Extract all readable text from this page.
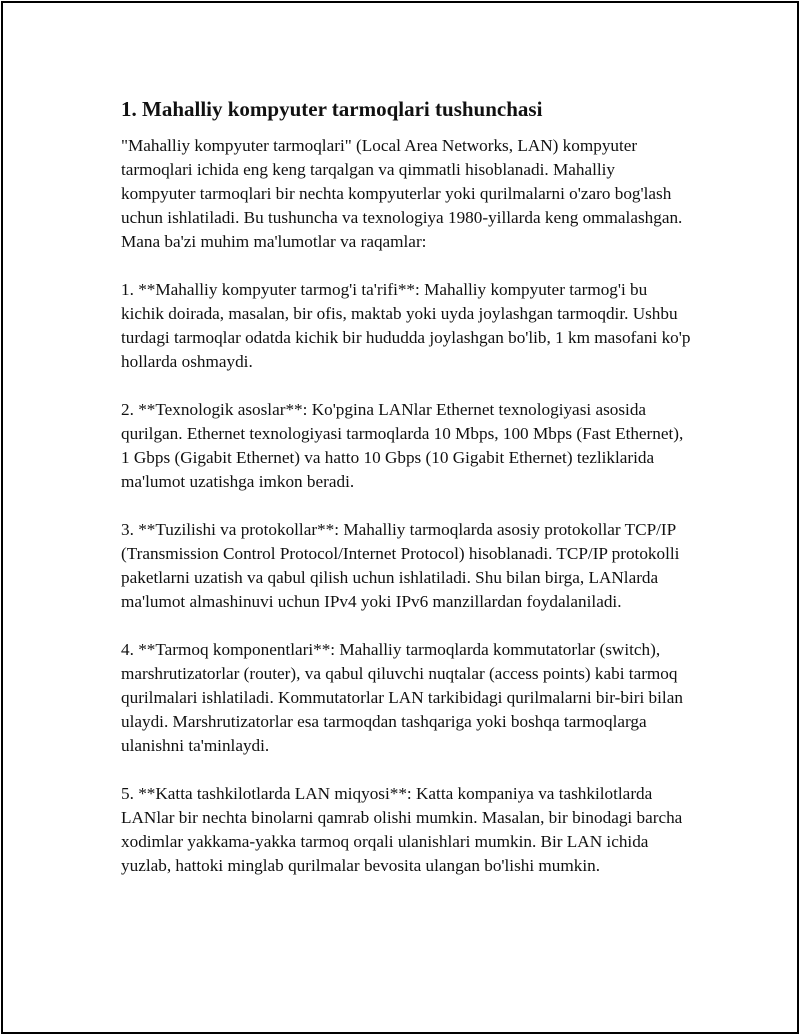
1. Mahalliy kompyuter tarmoqlari tushunchasi

"Mahalliy kompyuter tarmoqlari" (Local Area Networks, LAN) kompyuter tarmoqlari ichida eng keng tarqalgan va qimmatli hisoblanadi. Mahalliy kompyuter tarmoqlari bir nechta kompyuterlar yoki qurilmalarni o'zaro bog'lash uchun ishlatiladi. Bu tushuncha va texnologiya 1980-yillarda keng ommalashgan. Mana ba'zi muhim ma'lumotlar va raqamlar:

1. **Mahalliy kompyuter tarmog'i ta'rifi**: Mahalliy kompyuter tarmog'i bu kichik doirada, masalan, bir ofis, maktab yoki uyda joylashgan tarmoqdir. Ushbu turdagi tarmoqlar odatda kichik bir hududda joylashgan bo'lib, 1 km masofani ko'p hollarda oshmaydi.

2. **Texnologik asoslar**: Ko'pgina LANlar Ethernet texnologiyasi asosida qurilgan. Ethernet texnologiyasi tarmoqlarda 10 Mbps, 100 Mbps (Fast Ethernet), 1 Gbps (Gigabit Ethernet) va hatto 10 Gbps (10 Gigabit Ethernet) tezliklarida ma'lumot uzatishga imkon beradi.

3. **Tuzilishi va protokollar**: Mahalliy tarmoqlarda asosiy protokollar TCP/IP (Transmission Control Protocol/Internet Protocol) hisoblanadi. TCP/IP protokolli paketlarni uzatish va qabul qilish uchun ishlatiladi. Shu bilan birga, LANlarda ma'lumot almashinuvi uchun IPv4 yoki IPv6 manzillardan foydalaniladi.

4. **Tarmoq komponentlari**: Mahalliy tarmoqlarda kommutatorlar (switch), marshrutizatorlar (router), va qabul qiluvchi nuqtalar (access points) kabi tarmoq qurilmalari ishlatiladi. Kommutatorlar LAN tarkibidagi qurilmalarni bir-biri bilan ulaydi. Marshrutizatorlar esa tarmoqdan tashqariga yoki boshqa tarmoqlarga ulanishni ta'minlaydi.

5. **Katta tashkilotlarda LAN miqyosi**: Katta kompaniya va tashkilotlarda LANlar bir nechta binolarni qamrab olishi mumkin. Masalan, bir binodagi barcha xodimlar yakkama-yakka tarmoq orqali ulanishlari mumkin. Bir LAN ichida yuzlab, hattoki minglab qurilmalar bevosita ulangan bo'lishi mumkin.
